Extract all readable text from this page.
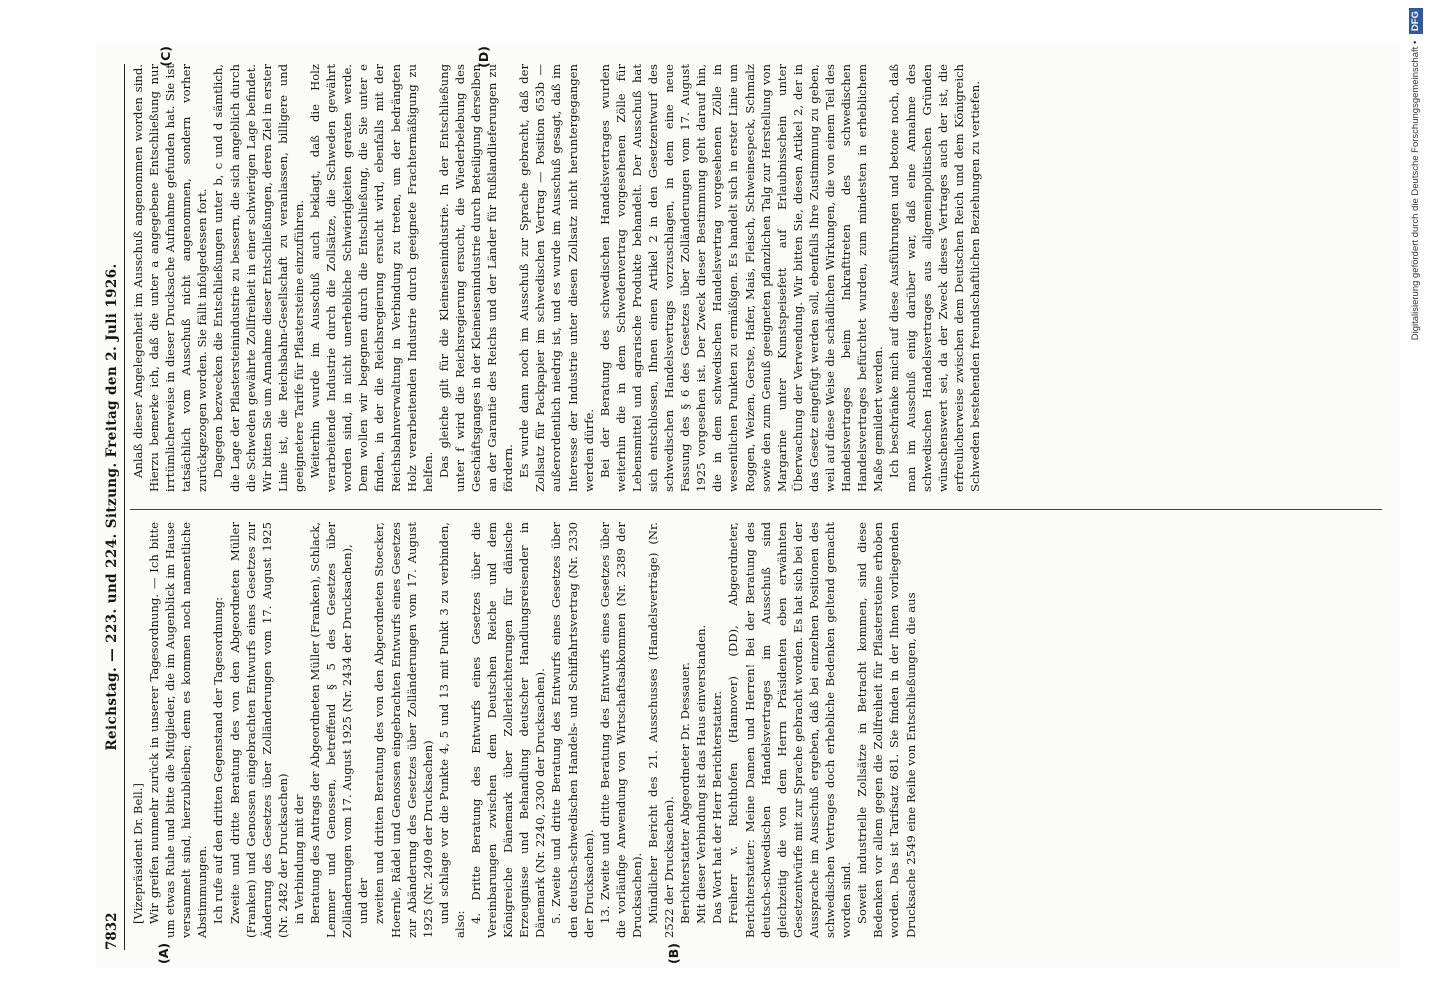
7832
Reichstag. — 223. und 224. Sitzung. Freitag den 2. Juli 1926.
(A)	(B)
(C)	(D)

[Vizepräsident Dr. Bell.] Wir greifen nunmehr zurück in unserer Tagesordnung. — Ich bitte um etwas Ruhe und bitte die Mitglieder, die im Augenblick im Hause versammelt sind, hierzubleiben; denn es kommen noch namentliche Abstimmungen. Ich rufe auf den dritten Gegenstand der Tagesordnung: Zweite und dritte Beratung des von den Abgeordneten Müller (Franken) und Genossen eingebrachten Entwurfs eines Gesetzes zur Änderung des Gesetzes über Zolländerungen vom 17. August 1925 (Nr. 2482 der Drucksachen) in Verbindung mit der Beratung des Antrags der Abgeordneten Müller (Franken), Schlack, Lemmer und Genossen, betreffend § 5 des Gesetzes über Zolländerungen vom 17. August 1925 (Nr. 2434 der Drucksachen), und der zweiten und dritten Beratung des von den Abgeordneten Stoecker, Hoernle, Rädel und Genossen eingebrachten Entwurfs eines Gesetzes zur Abänderung des Gesetzes über Zolländerungen vom 17. August 1925 (Nr. 2409 der Drucksachen) und schlage vor die Punkte 4, 5 und 13 mit Punkt 3 zu verbinden, also:

4. Dritte Beratung des Entwurfs eines Gesetzes über die Vereinbarungen zwischen dem Deutschen Reiche und dem Königreiche Dänemark über Zollerleichterungen für dänische Erzeugnisse und Behandlung deutscher Handlungsreisender in Dänemark (Nr. 2240, 2300 der Drucksachen). 5. Zweite und dritte Beratung des Entwurfs eines Gesetzes über den deutsch-schwedischen Handels- und Schiffahrtsvertrag (Nr. 2330 der Drucksachen). 13. Zweite und dritte Beratung des Entwurfs eines Gesetzes über die vorläufige Anwendung von Wirtschaftsabkommen (Nr. 2389 der Drucksachen). Mündlicher Bericht des 21. Ausschusses (Handelsverträge) (Nr. 2522 der Drucksachen). Berichterstatter Abgeordneter Dr. Dessauer. Mit dieser Verbindung ist das Haus einverstanden. Das Wort hat der Herr Berichterstatter. Freiherr v. Richthofen (Hannover) (DD), Abgeordneter, Berichterstatter: Meine Damen und Herren! Bei der Beratung des deutsch-schwedischen Handelsvertrages im Ausschuß sind gleichzeitig die von dem Herrn Präsidenten eben erwähnten Gesetzentwürfe mit zur Sprache gebracht worden. Es hat sich bei der Aussprache im Ausschuß ergeben, daß bei einzelnen Positionen des schwedischen Vertrages doch erhebliche Bedenken geltend gemacht worden sind. Soweit industrielle Zollsätze in Betracht kommen, sind diese Bedenken vor allem gegen die Zollfreiheit für Pflastersteine erhoben worden. Das ist Tarifsatz 681. Sie finden in der Ihnen vorliegenden Drucksache 2549 eine Reihe von Entschließungen, die aus

Anlaß dieser Angelegenheit im Ausschuß angenommen worden sind. Hierzu bemerke ich, daß die unter a angegebene Entschließung nur irrtümlicherweise in dieser Drucksache Aufnahme gefunden hat. Sie ist tatsächlich vom Ausschuß nicht angenommen, sondern vorher zurückgezogen worden. Sie fällt infolgedessen fort. Dagegen bezwecken die Entschließungen unter b, c und d sämtlich, die Lage der Pflastersteinindustrie zu bessern, die sich angeblich durch die Schweden gewährte Zollfreiheit in einer schwierigen Lage befindet. Wir bitten Sie um Annahme dieser Entschließungen, deren Ziel in erster Linie ist, die Reichsbahn-Gesellschaft zu veranlassen, billigere und geeignetere Tarife für Pflastersteine einzuführen. Weiterhin wurde im Ausschuß auch beklagt, daß die Holz verarbeitende Industrie durch die Zollsätze, die Schweden gewährt worden sind, in nicht unerhebliche Schwierigkeiten geraten werde. Dem wollen wir begegnen durch die Entschließung, die Sie unter e finden, in der die Reichsregierung ersucht wird, ebenfalls mit der Reichsbahnverwaltung in Verbindung zu treten, um der bedrängten Holz verarbeitenden Industrie durch geeignete Frachtermäßigung zu helfen. Das gleiche gilt für die Kleineisenindustrie. In der Entschließung unter f wird die Reichsregierung ersucht, die Wiederbelebung des Geschäftsganges in der Kleineisenindustrie durch Beteiligung derselben an der Garantie des Reichs und der Länder für Rußlandlieferungen zu fördern. Es wurde dann noch im Ausschuß zur Sprache gebracht, daß der Zollsatz für Packpapier im schwedischen Vertrag — Position 653b — außerordentlich niedrig ist, und es wurde im Ausschuß gesagt, daß im Interesse der Industrie unter diesen Zollsatz nicht heruntergegangen werden dürfe. Bei der Beratung des schwedischen Handelsvertrages wurden weiterhin die in dem Schwedenvertrag vorgesehenen Zölle für Lebensmittel und agrarische Produkte behandelt. Der Ausschuß hat sich entschlossen, Ihnen einen Artikel 2 in den Gesetzentwurf des schwedischen Handelsvertrags vorzuschlagen, in dem eine neue Fassung des § 6 des Gesetzes über Zolländerungen vom 17. August 1925 vorgesehen ist. Der Zweck dieser Bestimmung geht darauf hin, die in dem schwedischen Handelsvertrag vorgesehenen Zölle in wesentlichen Punkten zu ermäßigen. Es handelt sich in erster Linie um Roggen, Weizen, Gerste, Hafer, Mais, Fleisch, Schweinespeck, Schmalz sowie den zum Genuß geeigneten pflanzlichen Talg zur Herstellung von Margarine unter Kunstspeisefett auf Erlaubnisschein unter Überwachung der Verwendung. Wir bitten Sie, diesen Artikel 2, der in das Gesetz eingefügt werden soll, ebenfalls Ihre Zustimmung zu geben, weil auf diese Weise die schädlichen Wirkungen, die von einem Teil des Handelsvertrages beim Inkrafttreten des schwedischen Handelsvertrages befürchtet wurden, zum mindesten in erheblichem Maße gemildert werden. Ich beschränke mich auf diese Ausführungen und betone noch, daß man im Ausschuß einig darüber war, daß eine Annahme des schwedischen Handelsvertrages aus allgemeinpolitischen Gründen wünschenswert sei, da der Zweck dieses Vertrages auch der ist, die erfreulicherweise zwischen dem Deutschen Reich und dem Königreich Schweden bestehenden freundschaftlichen Beziehungen zu vertiefen.	Digitalisierung gefördert durch die Deutsche Forschungsgemeinschaft • DFG
